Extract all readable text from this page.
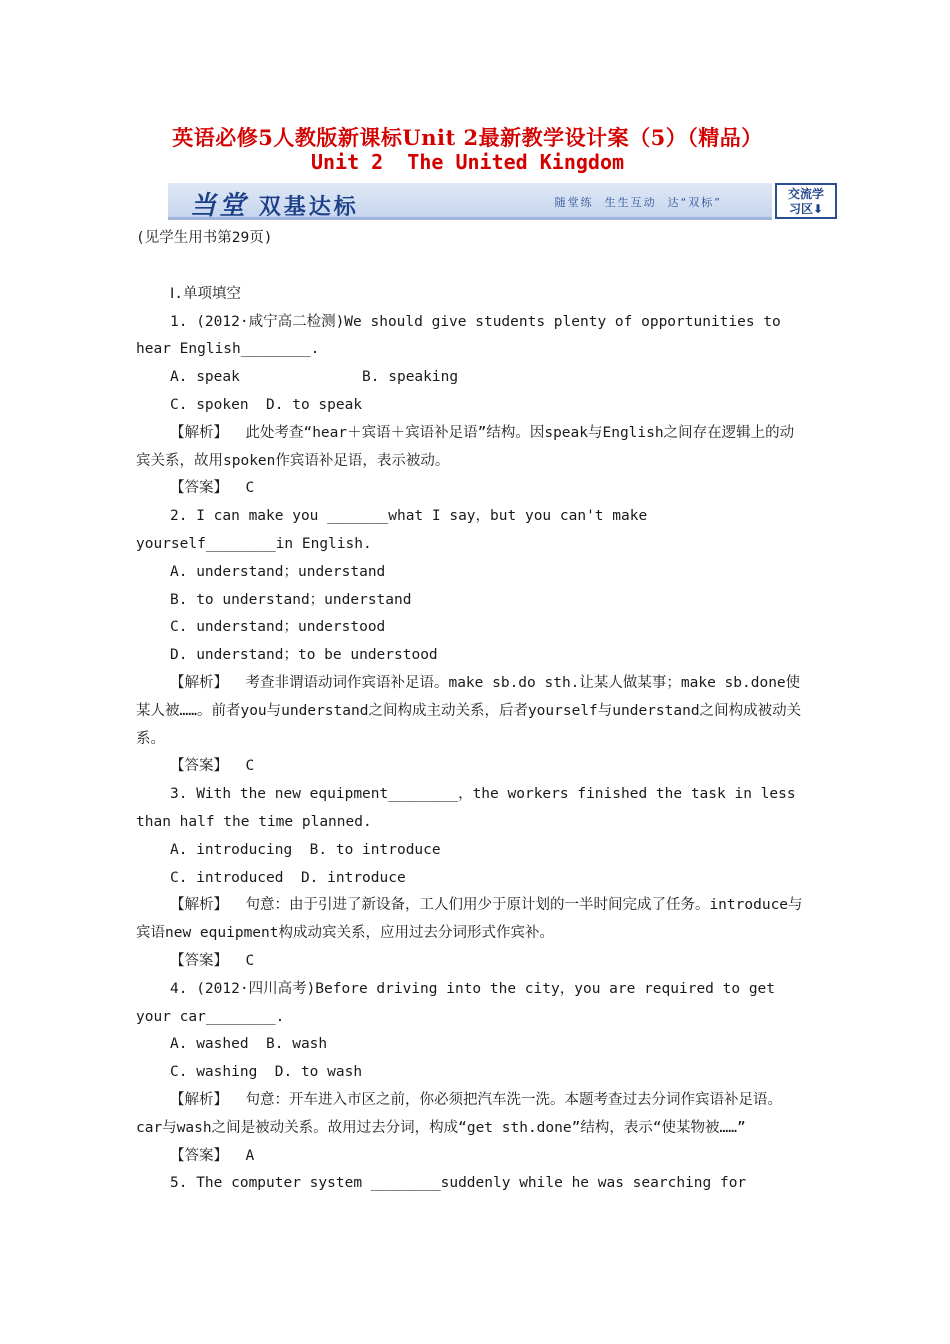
英语必修5人教版新课标Unit 2最新教学设计案（5）（精品）
Unit 2  The United Kingdom
当堂 双基达标	随堂练  生生互动  达“双标”
交流学
习区⬇

(见学生用书第29页)

Ⅰ.单项填空

1. (2012·咸宁高二检测)We should give students plenty of opportunities to hear English________.

A. speak              B. speaking

C. spoken  D. to speak

【解析】  此处考查“hear＋宾语＋宾语补足语”结构。因speak与English之间存在逻辑上的动宾关系，故用spoken作宾语补足语，表示被动。

【答案】  C

2. I can make you _______what I say，but you can't make yourself________in English.

A. understand；understand

B. to understand；understand

C. understand；understood

D. understand；to be understood

【解析】  考查非谓语动词作宾语补足语。make sb.do sth.让某人做某事；make sb.done使某人被……。前者you与understand之间构成主动关系，后者yourself与understand之间构成被动关系。

【答案】  C

3. With the new equipment________，the workers finished the task in less than half the time planned.

A. introducing  B. to introduce

C. introduced  D. introduce

【解析】  句意：由于引进了新设备，工人们用少于原计划的一半时间完成了任务。introduce与宾语new equipment构成动宾关系，应用过去分词形式作宾补。

【答案】  C

4. (2012·四川高考)Before driving into the city，you are required to get your car________.

A. washed  B. wash

C. washing  D. to wash

【解析】  句意：开车进入市区之前，你必须把汽车洗一洗。本题考查过去分词作宾语补足语。car与wash之间是被动关系。故用过去分词，构成“get sth.done”结构，表示“使某物被……”

【答案】  A

5. The computer system ________suddenly while he was searching for
